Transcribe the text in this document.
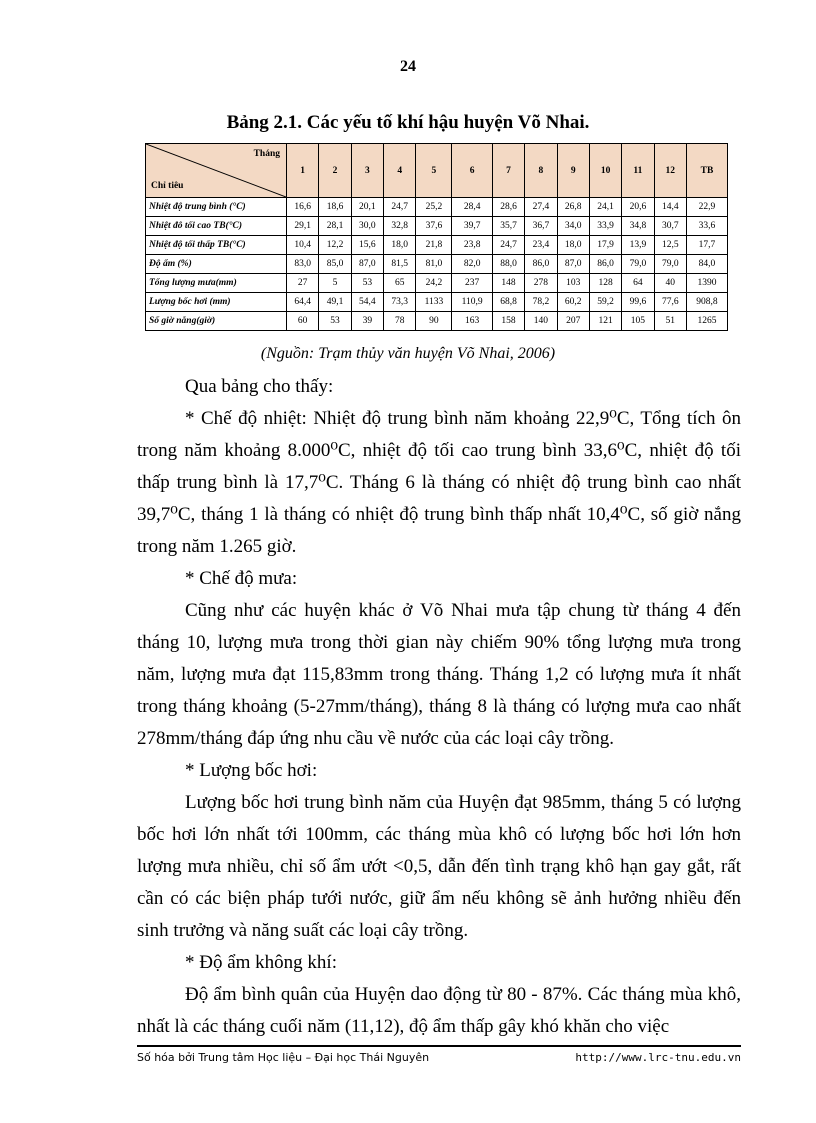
24
Bảng 2.1. Các yếu tố khí hậu huyện Võ Nhai.
Tháng
Chỉ tiêu	1	2	3	4	5	6	7	8	9	10	11	12	TB
Nhiệt độ trung bình (°C)	16,6	18,6	20,1	24,7	25,2	28,4	28,6	27,4	26,8	24,1	20,6	14,4	22,9
Nhiệt đô tối cao TB(°C)	29,1	28,1	30,0	32,8	37,6	39,7	35,7	36,7	34,0	33,9	34,8	30,7	33,6
Nhiệt độ tối thấp TB(°C)	10,4	12,2	15,6	18,0	21,8	23,8	24,7	23,4	18,0	17,9	13,9	12,5	17,7
Độ ẩm (%)	83,0	85,0	87,0	81,5	81,0	82,0	88,0	86,0	87,0	86,0	79,0	79,0	84,0
Tổng lượng mưa(mm)	27	5	53	65	24,2	237	148	278	103	128	64	40	1390
Lượng bốc hơi (mm)	64,4	49,1	54,4	73,3	1133	110,9	68,8	78,2	60,2	59,2	99,6	77,6	908,8
Số giờ nắng(giờ)	60	53	39	78	90	163	158	140	207	121	105	51	1265
(Nguồn: Trạm thủy văn huyện Võ Nhai, 2006)

Qua bảng cho thấy:

* Chế độ nhiệt: Nhiệt độ trung bình năm khoảng 22,9⁰C, Tổng tích ôn trong năm khoảng 8.000⁰C, nhiệt độ tối cao trung bình 33,6⁰C, nhiệt độ tối thấp trung bình là 17,7⁰C. Tháng 6 là tháng có nhiệt độ trung bình cao nhất 39,7⁰C, tháng 1 là tháng có nhiệt độ trung bình thấp nhất 10,4⁰C, số giờ nắng trong năm 1.265 giờ.

* Chế độ mưa:

Cũng như các huyện khác ở Võ Nhai mưa tập chung từ tháng 4 đến tháng 10, lượng mưa trong thời gian này chiếm 90% tổng lượng mưa trong năm, lượng mưa đạt 115,83mm trong tháng. Tháng 1,2 có lượng mưa ít nhất trong tháng khoảng (5-27mm/tháng), tháng 8 là tháng có lượng mưa cao nhất 278mm/tháng đáp ứng nhu cầu về nước của các loại cây trồng.

* Lượng bốc hơi:

Lượng bốc hơi trung bình năm của Huyện đạt 985mm, tháng 5 có lượng bốc hơi lớn nhất tới 100mm, các tháng mùa khô có lượng bốc hơi lớn hơn lượng mưa nhiều, chỉ số ẩm ướt <0,5, dẫn đến tình trạng khô hạn gay gắt, rất cần có các biện pháp tưới nước, giữ ẩm nếu không sẽ ảnh hưởng nhiều đến sinh trưởng và năng suất các loại cây trồng.

* Độ ẩm không khí:

Độ ẩm bình quân của Huyện dao động từ 80 - 87%. Các tháng mùa khô, nhất là các tháng cuối năm (11,12), độ ẩm thấp gây khó khăn cho việc

Số hóa bởi Trung tâm Học liệu – Đại học Thái Nguyên	http://www.lrc-tnu.edu.vn
